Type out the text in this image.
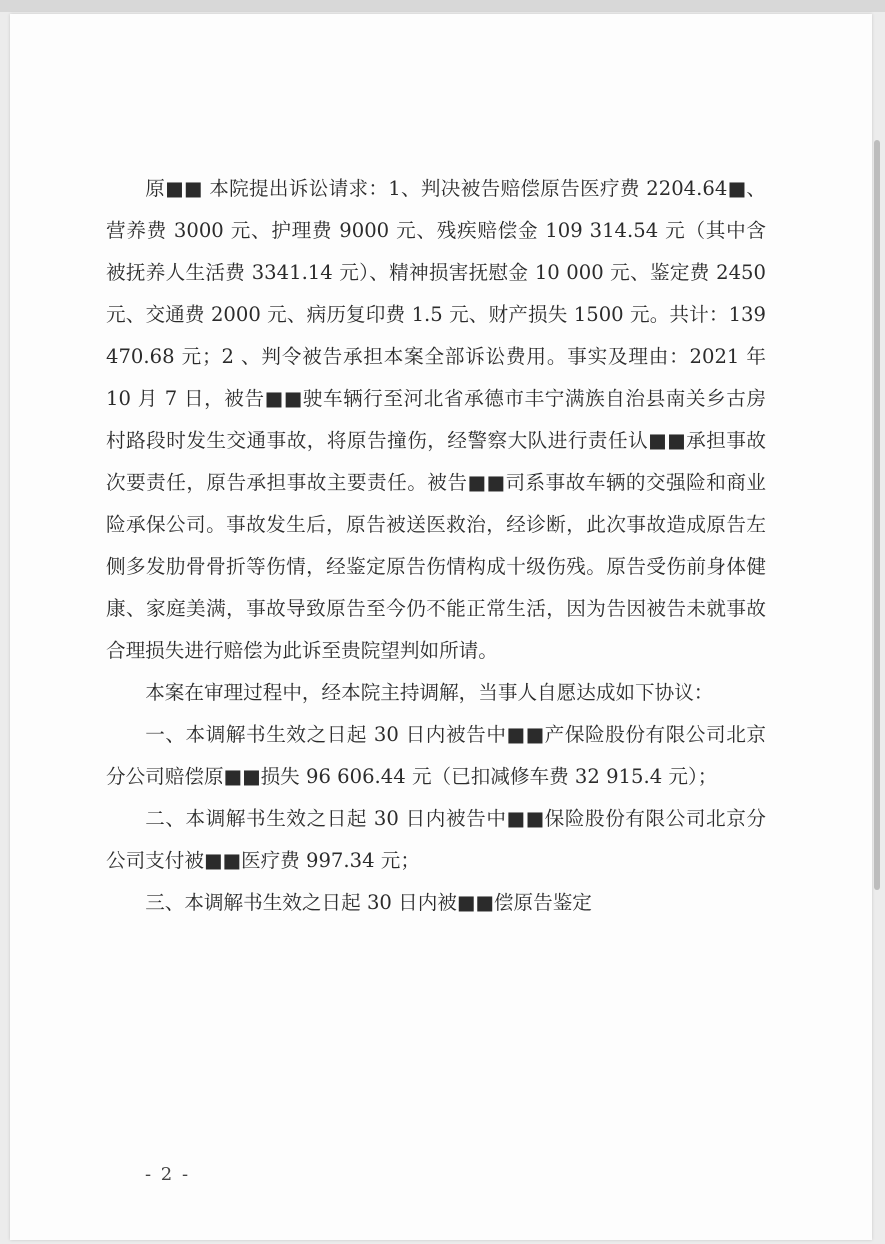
原■■ 本院提出诉讼请求：1、判决被告赔偿原告医疗费 2204.64■、营养费 3000 元、护理费 9000 元、残疾赔偿金 109 314.54 元（其中含被抚养人生活费 3341.14 元）、精神损害抚慰金 10 000 元、鉴定费 2450 元、交通费 2000 元、病历复印费 1.5 元、财产损失 1500 元。共计：139 470.68 元；2 、判令被告承担本案全部诉讼费用。事实及理由：2021 年 10 月 7 日，被告■■驶车辆行至河北省承德市丰宁满族自治县南关乡古房村路段时发生交通事故，将原告撞伤，经警察大队进行责任认■■承担事故次要责任，原告承担事故主要责任。被告■■司系事故车辆的交强险和商业险承保公司。事故发生后，原告被送医救治，经诊断，此次事故造成原告左侧多发肋骨骨折等伤情，经鉴定原告伤情构成十级伤残。原告受伤前身体健康、家庭美满，事故导致原告至今仍不能正常生活，因为告因被告未就事故合理损失进行赔偿为此诉至贵院望判如所请。

本案在审理过程中，经本院主持调解，当事人自愿达成如下协议：

一、本调解书生效之日起 30 日内被告中■■产保险股份有限公司北京分公司赔偿原■■损失 96 606.44 元（已扣减修车费 32 915.4 元）；

二、本调解书生效之日起 30 日内被告中■■保险股份有限公司北京分公司支付被■■医疗费 997.34 元；

三、本调解书生效之日起 30 日内被■■偿原告鉴定

- 2 -
